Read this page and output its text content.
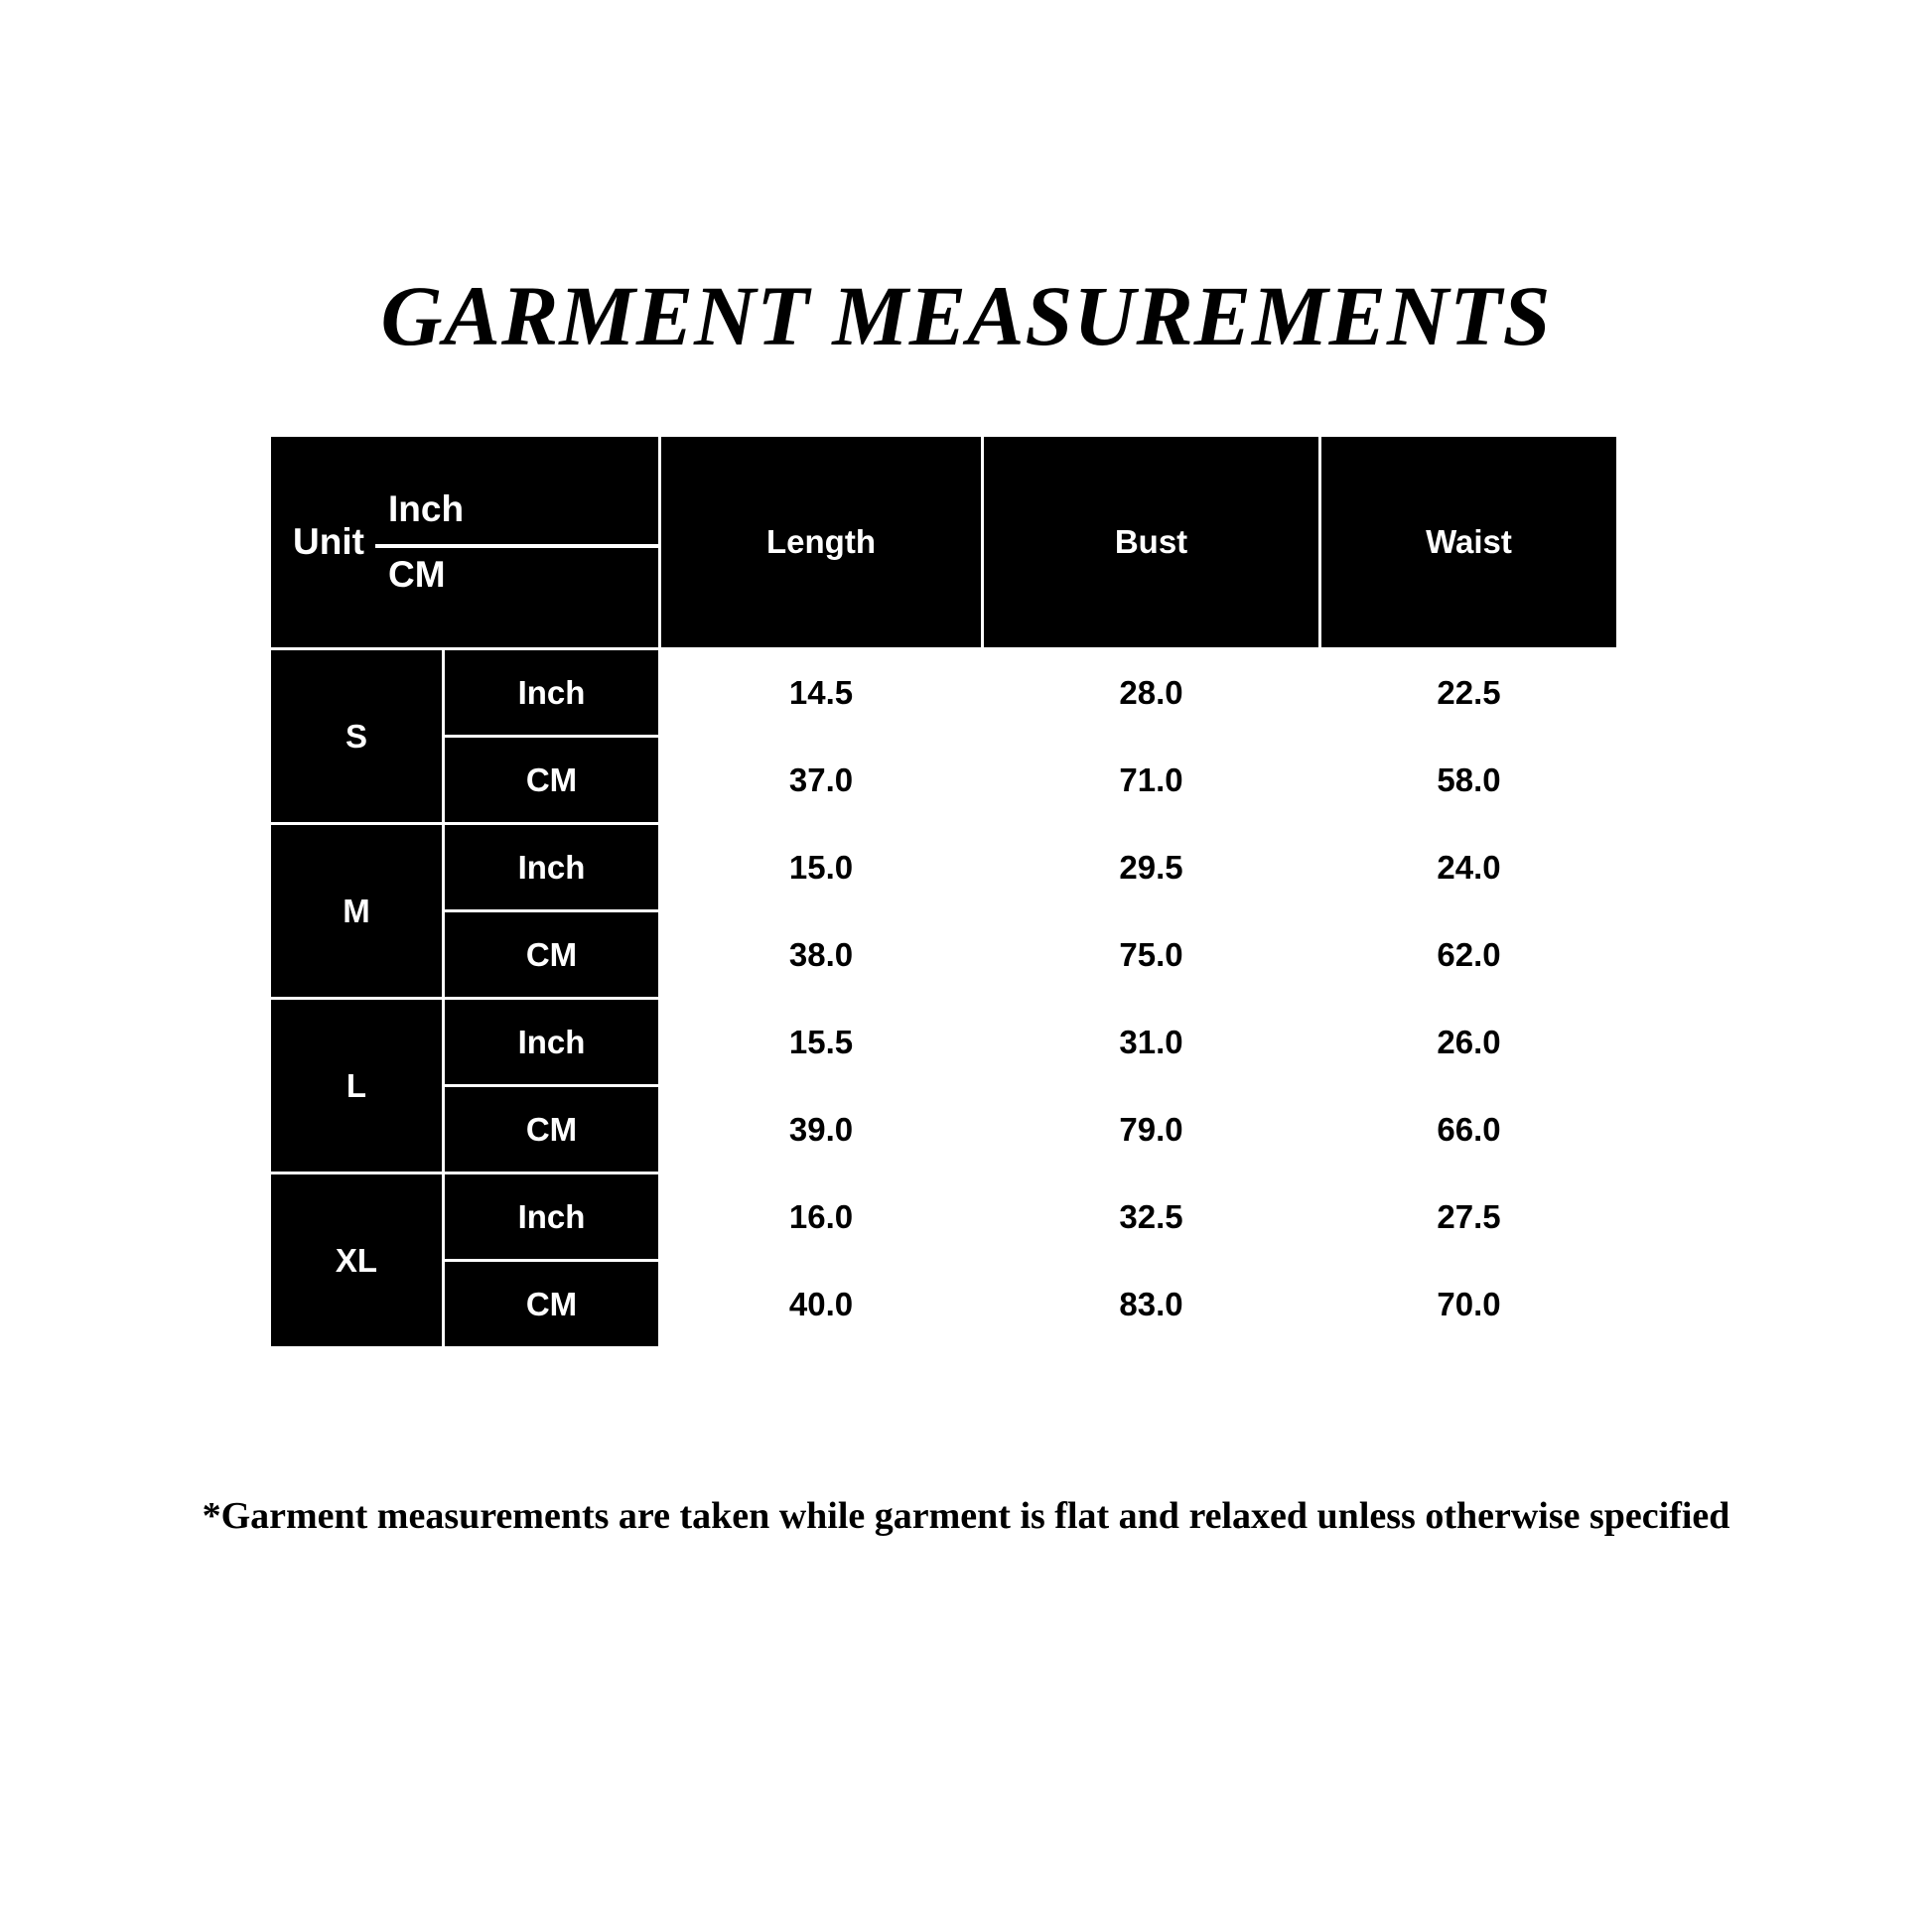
GARMENT MEASUREMENTS
Unit
Inch
CM		Length	Bust	Waist
S	Inch	14.5	28.0	22.5
	CM	37.0	71.0	58.0
M	Inch	15.0	29.5	24.0
	CM	38.0	75.0	62.0
L	Inch	15.5	31.0	26.0
	CM	39.0	79.0	66.0
XL	Inch	16.0	32.5	27.5
	CM	40.0	83.0	70.0
*Garment measurements are taken while garment is flat and relaxed unless otherwise specified
